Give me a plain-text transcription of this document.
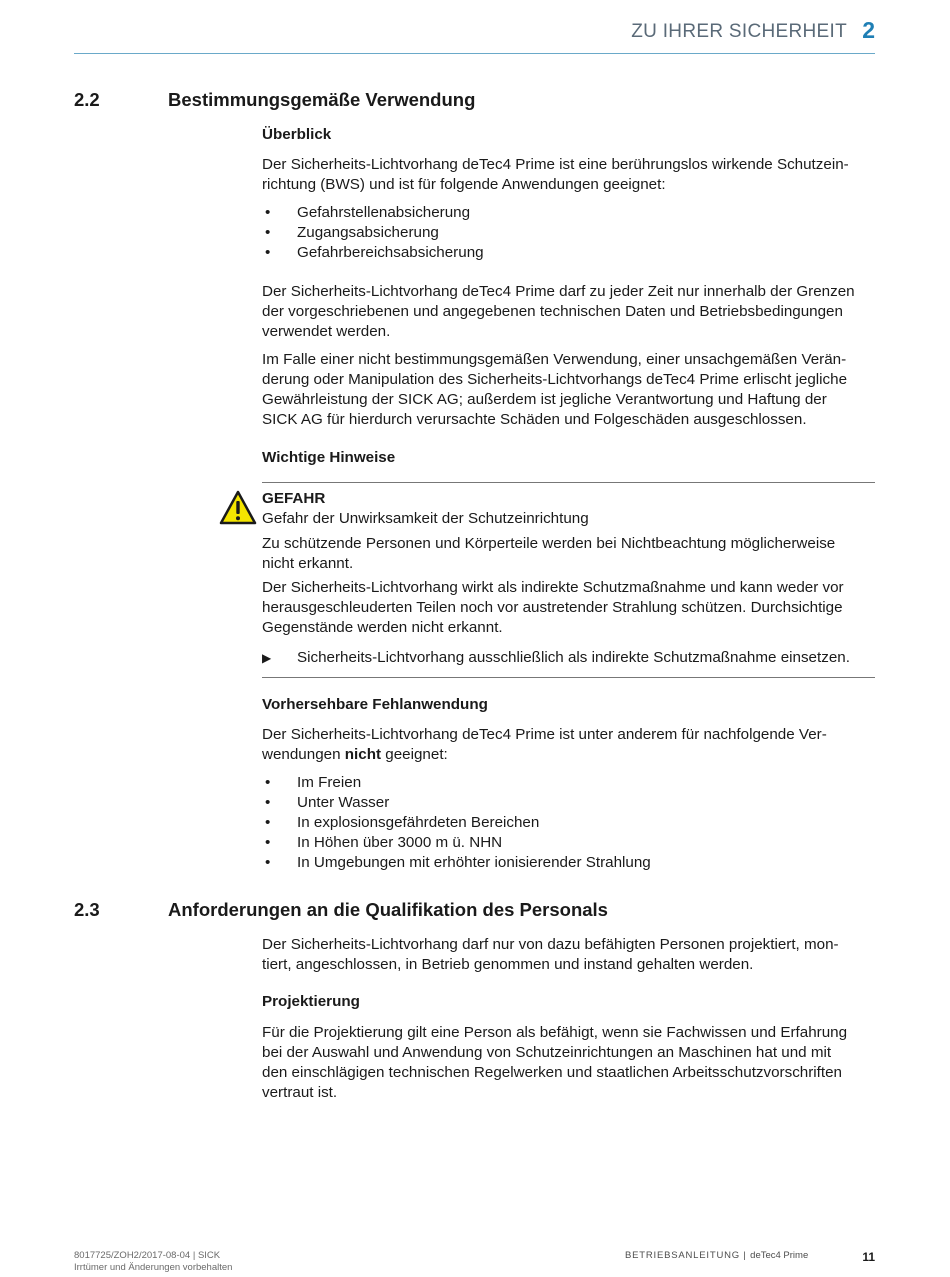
ZU IHRER SICHERHEIT 2
2.2	Bestimmungsgemäße Verwendung
Überblick

Der Sicherheits-Lichtvorhang deTec4 Prime ist eine berührungslos wirkende Schutzein-

richtung (BWS) und ist für folgende Anwendungen geeignet:

• Gefahrstellenabsicherung
• Zugangsabsicherung
• Gefahrbereichsabsicherung

Der Sicherheits-Lichtvorhang deTec4 Prime darf zu jeder Zeit nur innerhalb der Grenzen

der vorgeschriebenen und angegebenen technischen Daten und Betriebsbedingungen

verwendet werden.

Im Falle einer nicht bestimmungsgemäßen Verwendung, einer unsachgemäßen Verän-

derung oder Manipulation des Sicherheits-Lichtvorhangs deTec4 Prime erlischt jegliche

Gewährleistung der SICK AG; außerdem ist jegliche Verantwortung und Haftung der

SICK AG für hierdurch verursachte Schäden und Folgeschäden ausgeschlossen.

Wichtige Hinweise

GEFAHR

Gefahr der Unwirksamkeit der Schutzeinrichtung

Zu schützende Personen und Körperteile werden bei Nichtbeachtung möglicherweise

nicht erkannt.

Der Sicherheits-Lichtvorhang wirkt als indirekte Schutzmaßnahme und kann weder vor

herausgeschleuderten Teilen noch vor austretender Strahlung schützen. Durchsichtige

Gegenstände werden nicht erkannt.

▶ Sicherheits-Lichtvorhang ausschließlich als indirekte Schutzmaßnahme einsetzen.
Vorhersehbare Fehlanwendung

Der Sicherheits-Lichtvorhang deTec4 Prime ist unter anderem für nachfolgende Ver-

wendungen nicht geeignet:

• Im Freien
• Unter Wasser
• In explosionsgefährdeten Bereichen
• In Höhen über 3000 m ü. NHN
• In Umgebungen mit erhöhter ionisierender Strahlung
2.3	Anforderungen an die Qualifikation des Personals

Der Sicherheits-Lichtvorhang darf nur von dazu befähigten Personen projektiert, mon-

tiert, angeschlossen, in Betrieb genommen und instand gehalten werden.

Projektierung

Für die Projektierung gilt eine Person als befähigt, wenn sie Fachwissen und Erfahrung

bei der Auswahl und Anwendung von Schutzeinrichtungen an Maschinen hat und mit

den einschlägigen technischen Regelwerken und staatlichen Arbeitsschutzvorschriften

vertraut ist.

8017725/ZOH2/2017-08-04 | SICK
Irrtümer und Änderungen vorbehalten
BETRIEBSANLEITUNG | deTec4 Prime	11
